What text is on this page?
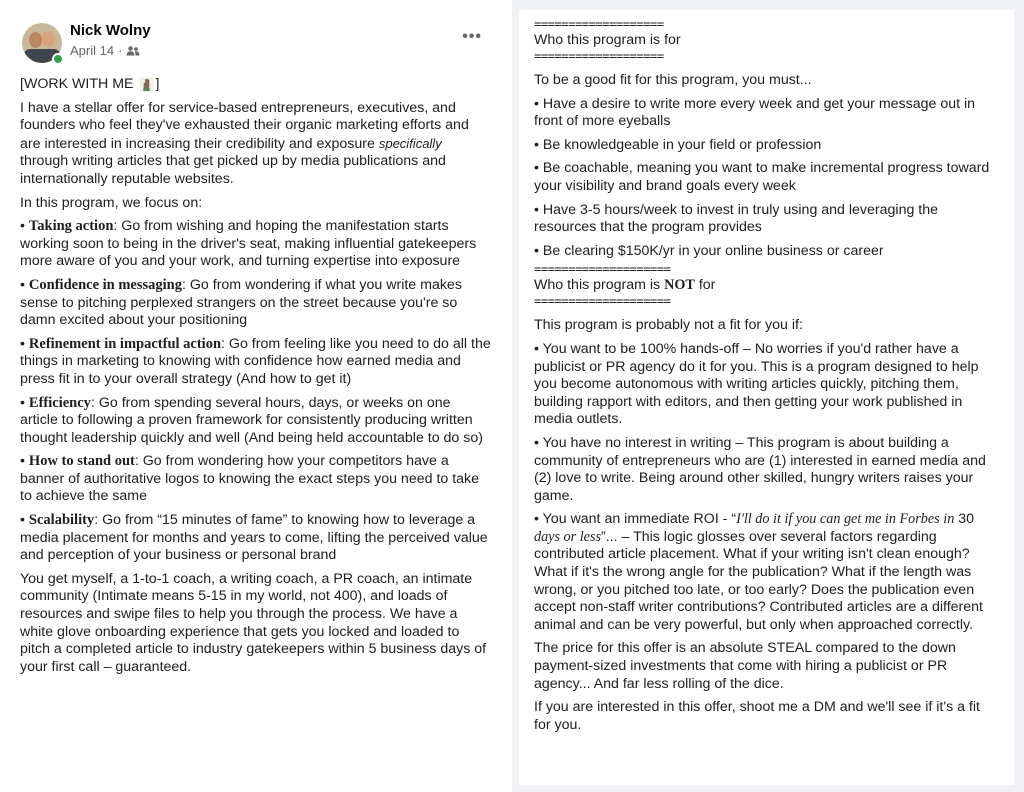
Nick Wolny
April 14 ·
•••

[WORK WITH ME ]

I have a stellar offer for service-based entrepreneurs, executives, and founders who feel they've exhausted their organic marketing efforts and are interested in increasing their credibility and exposure specifically through writing articles that get picked up by media publications and internationally reputable websites.

In this program, we focus on:

• Taking action: Go from wishing and hoping the manifestation starts working soon to being in the driver's seat, making influential gatekeepers more aware of you and your work, and turning expertise into exposure

• Confidence in messaging: Go from wondering if what you write makes sense to pitching perplexed strangers on the street because you're so damn excited about your positioning

• Refinement in impactful action: Go from feeling like you need to do all the things in marketing to knowing with confidence how earned media and press fit in to your overall strategy (And how to get it)

• Efficiency: Go from spending several hours, days, or weeks on one article to following a proven framework for consistently producing written thought leadership quickly and well (And being held accountable to do so)

• How to stand out: Go from wondering how your competitors have a banner of authoritative logos to knowing the exact steps you need to take to achieve the same

• Scalability: Go from “15 minutes of fame” to knowing how to leverage a media placement for months and years to come, lifting the perceived value and perception of your business or personal brand

You get myself, a 1-to-1 coach, a writing coach, a PR coach, an intimate community (Intimate means 5-15 in my world, not 400), and loads of resources and swipe files to help you through the process. We have a white glove onboarding experience that gets you locked and loaded to pitch a completed article to industry gatekeepers within 5 business days of your first call – guaranteed.

===================
Who this program is for
===================

To be a good fit for this program, you must...

• Have a desire to write more every week and get your message out in front of more eyeballs

• Be knowledgeable in your field or profession

• Be coachable, meaning you want to make incremental progress toward your visibility and brand goals every week

• Have 3-5 hours/week to invest in truly using and leveraging the resources that the program provides

• Be clearing $150K/yr in your online business or career

====================
Who this program is NOT for
====================

This program is probably not a fit for you if:

• You want to be 100% hands-off – No worries if you'd rather have a publicist or PR agency do it for you. This is a program designed to help you become autonomous with writing articles quickly, pitching them, building rapport with editors, and then getting your work published in media outlets.

• You have no interest in writing – This program is about building a community of entrepreneurs who are (1) interested in earned media and (2) love to write. Being around other skilled, hungry writers raises your game.

• You want an immediate ROI - “I'll do it if you can get me in Forbes in 30 days or less”... – This logic glosses over several factors regarding contributed article placement. What if your writing isn't clean enough? What if it's the wrong angle for the publication? What if the length was wrong, or you pitched too late, or too early? Does the publication even accept non-staff writer contributions? Contributed articles are a different animal and can be very powerful, but only when approached correctly.

The price for this offer is an absolute STEAL compared to the down payment-sized investments that come with hiring a publicist or PR agency... And far less rolling of the dice.

If you are interested in this offer, shoot me a DM and we'll see if it's a fit for you.
